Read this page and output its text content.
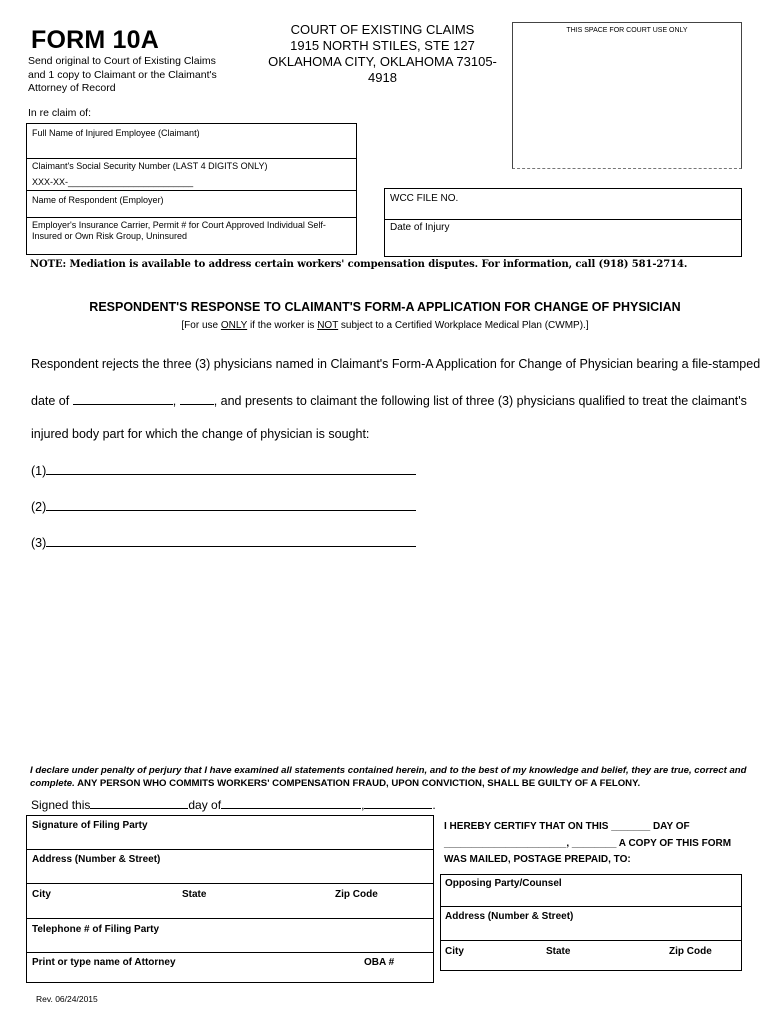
FORM 10A
Send original to Court of Existing Claims and 1 copy to Claimant or the Claimant's Attorney of Record
In re claim of:
COURT OF EXISTING CLAIMS
1915 NORTH STILES, STE 127
OKLAHOMA CITY, OKLAHOMA 73105-4918
THIS SPACE FOR COURT USE ONLY
Full Name of Injured Employee (Claimant)
Claimant's Social Security Number (LAST 4 DIGITS ONLY)
XXX-XX-_________________________
Name of Respondent (Employer)
Employer's Insurance Carrier, Permit # for Court Approved Individual Self-Insured or Own Risk Group, Uninsured
WCC FILE NO.
Date of Injury
NOTE: Mediation is available to address certain workers' compensation disputes. For information, call (918) 581-2714.
RESPONDENT'S RESPONSE TO CLAIMANT'S FORM-A APPLICATION FOR CHANGE OF PHYSICIAN
[For use ONLY if the worker is NOT subject to a Certified Workplace Medical Plan (CWMP).]
Respondent rejects the three (3) physicians named in Claimant's Form-A Application for Change of Physician bearing a file-stamped
date of	,	, and presents to claimant the following list of three (3) physicians qualified to treat the claimant's
injured body part for which the change of physician is sought:
(1)
(2)
(3)
I declare under penalty of perjury that I have examined all statements contained herein, and to the best of my knowledge and belief, they are true, correct and complete. ANY PERSON WHO COMMITS WORKERS' COMPENSATION FRAUD, UPON CONVICTION, SHALL BE GUILTY OF A FELONY.
Signed this	day of	,	.
Signature of Filing Party
Address (Number & Street)
City	State	Zip Code
Telephone # of Filing Party
Print or type name of Attorney	OBA #
I HEREBY CERTIFY THAT ON THIS _______ DAY OF
______________________, ________ A COPY OF THIS FORM
WAS MAILED, POSTAGE PREPAID, TO:
Opposing Party/Counsel
Address (Number & Street)
City	State	Zip Code
Rev. 06/24/2015
